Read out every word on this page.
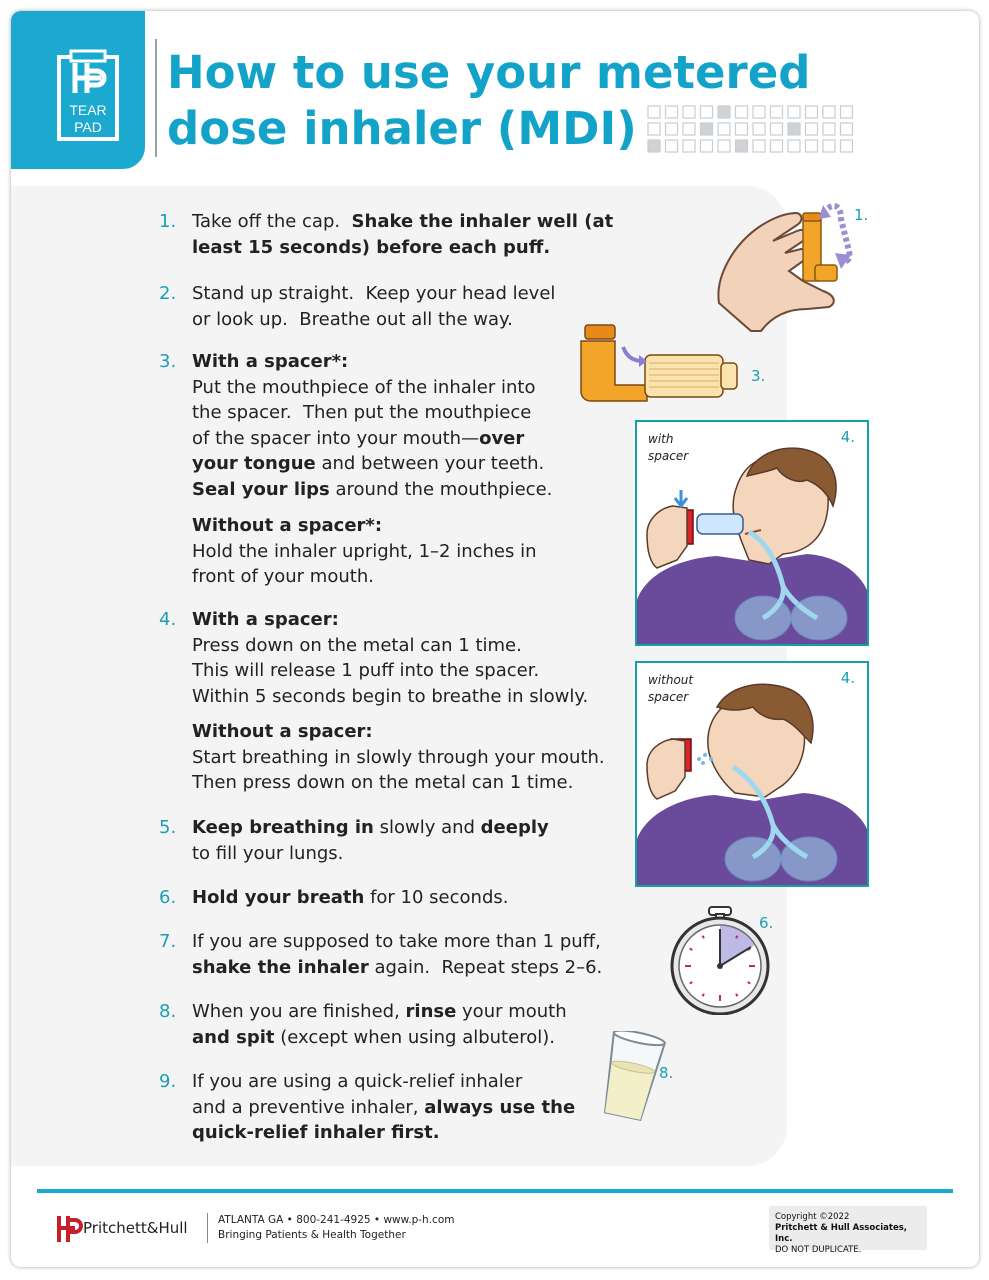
TEAR
PAD
How to use your metered
dose inhaler (MDI)
1. Take off the cap.  Shake the inhaler well (at
least 15 seconds) before each puff.
2. Stand up straight.  Keep your head level
or look up.  Breathe out all the way.
3. With a spacer*:
Put the mouthpiece of the inhaler into
the spacer.  Then put the mouthpiece
of the spacer into your mouth—over
your tongue and between your teeth.
Seal your lips around the mouthpiece.
Without a spacer*:
Hold the inhaler upright, 1–2 inches in
front of your mouth.
4. With a spacer:
Press down on the metal can 1 time.
This will release 1 puff into the spacer.
Within 5 seconds begin to breathe in slowly.
Without a spacer:
Start breathing in slowly through your mouth.
Then press down on the metal can 1 time.
5. Keep breathing in slowly and deeply
to fill your lungs.
6. Hold your breath for 10 seconds.
7. If you are supposed to take more than 1 puff,
shake the inhaler again.  Repeat steps 2–6.
8. When you are finished, rinse your mouth
and spit (except when using albuterol).
9. If you are using a quick-relief inhaler
and a preventive inhaler, always use the
quick-relief inhaler first.
1.
3.
with
spacer
4.
without
spacer
4.
6.
8.
Pritchett&Hull	ATLANTA GA • 800-241-4925 • www.p-h.com
Bringing Patients & Health Together
Copyright ©2022
Pritchett & Hull Associates, Inc.
DO NOT DUPLICATE.
